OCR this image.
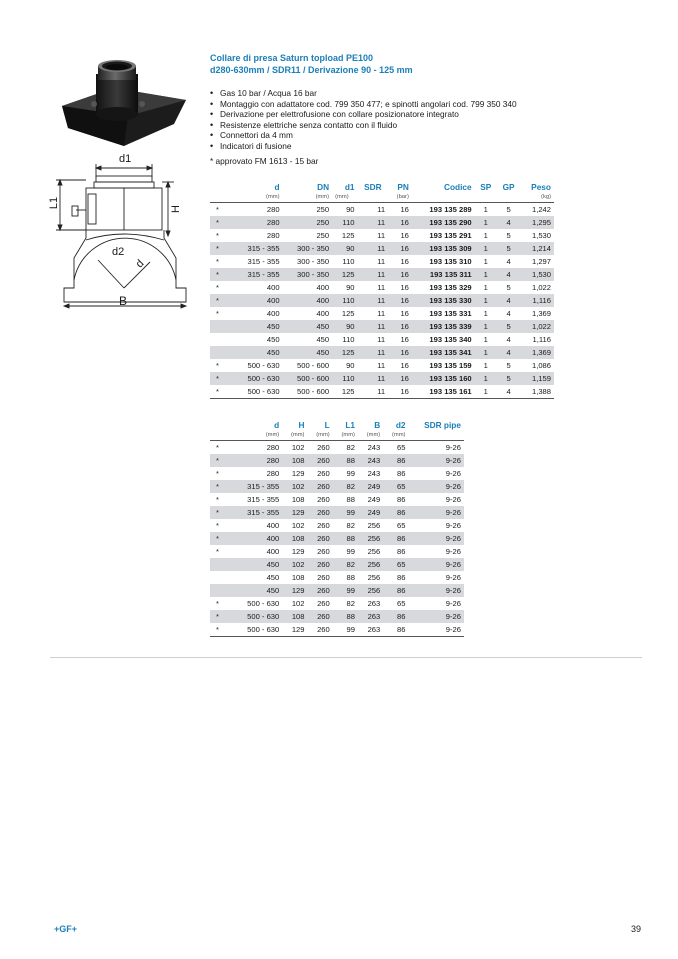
d1
L1	H
d2
d
B
Collare di presa Saturn topload PE100
d280-630mm / SDR11 / Derivazione 90 - 125 mm
• Gas 10 bar / Acqua 16 bar
• Montaggio con adattatore cod. 799 350 477; e spinotti angolari cod. 799 350 340
• Derivazione per elettrofusione con collare posizionatore integrato
• Resistenze elettriche senza contatto con il fluido
• Connettori da 4 mm
• Indicatori di fusione
* approvato FM 1613 - 15 bar
	d	DN	d1	SDR	PN	Codice	SP	GP	Peso
	(mm)	(mm)	(mm)		(bar)				(kg)
*	280	250	90	11	16	193 135 289	1	5	1,242
*	280	250	110	11	16	193 135 290	1	4	1,295
*	280	250	125	11	16	193 135 291	1	5	1,530
*	315 - 355	300 - 350	90	11	16	193 135 309	1	5	1,214
*	315 - 355	300 - 350	110	11	16	193 135 310	1	4	1,297
*	315 - 355	300 - 350	125	11	16	193 135 311	1	4	1,530
*	400	400	90	11	16	193 135 329	1	5	1,022
*	400	400	110	11	16	193 135 330	1	4	1,116
*	400	400	125	11	16	193 135 331	1	4	1,369
	450	450	90	11	16	193 135 339	1	5	1,022
	450	450	110	11	16	193 135 340	1	4	1,116
	450	450	125	11	16	193 135 341	1	4	1,369
*	500 - 630	500 - 600	90	11	16	193 135 159	1	5	1,086
*	500 - 630	500 - 600	110	11	16	193 135 160	1	5	1,159
*	500 - 630	500 - 600	125	11	16	193 135 161	1	4	1,388
	d	H	L	L1	B	d2	SDR pipe
	(mm)	(mm)	(mm)	(mm)	(mm)	(mm)	
*	280	102	260	82	243	65	9-26
*	280	108	260	88	243	86	9-26
*	280	129	260	99	243	86	9-26
*	315 - 355	102	260	82	249	65	9-26
*	315 - 355	108	260	88	249	86	9-26
*	315 - 355	129	260	99	249	86	9-26
*	400	102	260	82	256	65	9-26
*	400	108	260	88	256	86	9-26
*	400	129	260	99	256	86	9-26
	450	102	260	82	256	65	9-26
	450	108	260	88	256	86	9-26
	450	129	260	99	256	86	9-26
*	500 - 630	102	260	82	263	65	9-26
*	500 - 630	108	260	88	263	86	9-26
*	500 - 630	129	260	99	263	86	9-26
+GF+	39
